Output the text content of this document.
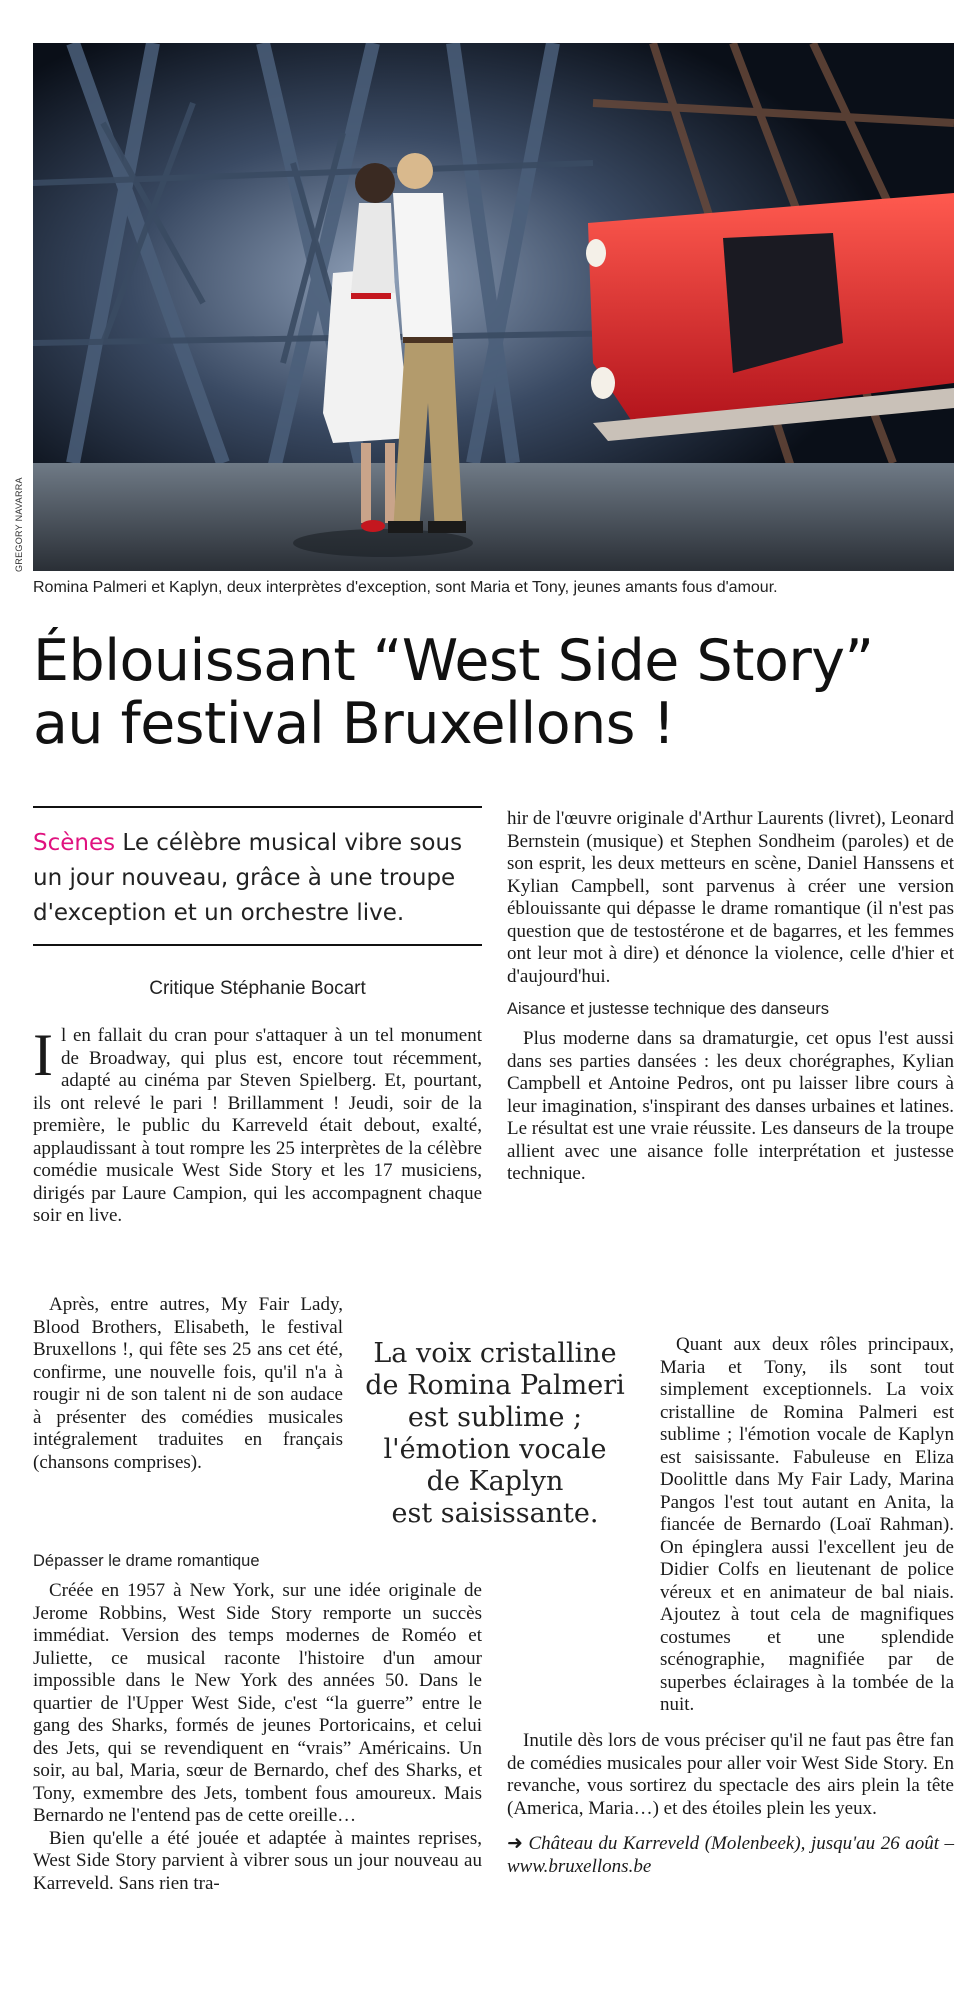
GREGORY NAVARRA
Romina Palmeri et Kaplyn, deux interprètes d'exception, sont Maria et Tony, jeunes amants fous d'amour.
Éblouissant “West Side Story”
au festival Bruxellons !

Scènes Le célèbre musical vibre sous un jour nouveau, grâce à une troupe d'exception et un orchestre live.

Critique Stéphanie Bocart

Il en fallait du cran pour s'attaquer à un tel monument de Broadway, qui plus est, encore tout récemment, adapté au cinéma par Steven Spielberg. Et, pourtant, ils ont relevé le pari ! Brillamment ! Jeudi, soir de la première, le public du Karreveld était debout, exalté, applaudissant à tout rompre les 25 interprètes de la célèbre comédie musicale West Side Story et les 17 musiciens, dirigés par Laure Campion, qui les accompagnent chaque soir en live.

Après, entre autres, My Fair Lady, Blood Brothers, Elisabeth, le festival Bruxellons !, qui fête ses 25 ans cet été, confirme, une nouvelle fois, qu'il n'a à rougir ni de son talent ni de son audace à présenter des comédies musicales intégralement traduites en français (chansons comprises).

La voix cristalline
de Romina Palmeri
est sublime ;
l'émotion vocale
de Kaplyn
est saisissante.
Dépasser le drame romantique

Créée en 1957 à New York, sur une idée originale de Jerome Robbins, West Side Story remporte un succès immédiat. Version des temps modernes de Roméo et Juliette, ce musical raconte l'histoire d'un amour impossible dans le New York des années 50. Dans le quartier de l'Upper West Side, c'est “la guerre” entre le gang des Sharks, formés de jeunes Portoricains, et celui des Jets, qui se revendiquent en “vrais” Américains. Un soir, au bal, Maria, sœur de Bernardo, chef des Sharks, et Tony, exmembre des Jets, tombent fous amoureux. Mais Bernardo ne l'entend pas de cette oreille…

Bien qu'elle a été jouée et adaptée à maintes reprises, West Side Story parvient à vibrer sous un jour nouveau au Karreveld. Sans rien tra-

hir de l'œuvre originale d'Arthur Laurents (livret), Leonard Bernstein (musique) et Stephen Sondheim (paroles) et de son esprit, les deux metteurs en scène, Daniel Hanssens et Kylian Campbell, sont parvenus à créer une version éblouissante qui dépasse le drame romantique (il n'est pas question que de testostérone et de bagarres, et les femmes ont leur mot à dire) et dénonce la violence, celle d'hier et d'aujourd'hui.

Aisance et justesse technique des danseurs

Plus moderne dans sa dramaturgie, cet opus l'est aussi dans ses parties dansées : les deux chorégraphes, Kylian Campbell et Antoine Pedros, ont pu laisser libre cours à leur imagination, s'inspirant des danses urbaines et latines. Le résultat est une vraie réussite. Les danseurs de la troupe allient avec une aisance folle interprétation et justesse technique.

Quant aux deux rôles principaux, Maria et Tony, ils sont tout simplement exceptionnels. La voix cristalline de Romina Palmeri est sublime ; l'émotion vocale de Kaplyn est saisissante. Fabuleuse en Eliza Doolittle dans My Fair Lady, Marina Pangos l'est tout autant en Anita, la fiancée de Bernardo (Loaï Rahman). On épinglera aussi l'excellent jeu de Didier Colfs en lieutenant de police véreux et en animateur de bal niais. Ajoutez à tout cela de magnifiques costumes et une splendide scénographie, magnifiée par de superbes éclairages à la tombée de la nuit.

Inutile dès lors de vous préciser qu'il ne faut pas être fan de comédies musicales pour aller voir West Side Story. En revanche, vous sortirez du spectacle des airs plein la tête (America, Maria…) et des étoiles plein les yeux.

➜ Château du Karreveld (Molenbeek), jusqu'au 26 août – www.bruxellons.be
